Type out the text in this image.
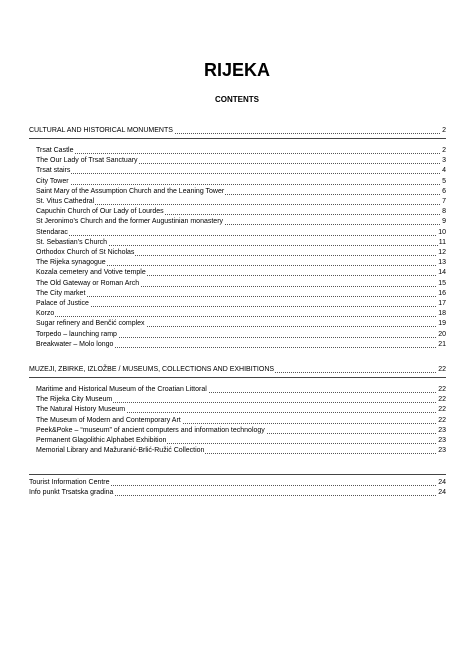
RIJEKA
CONTENTS
CULTURAL AND HISTORICAL MONUMENTS	2
Trsat Castle	2
The Our Lady of Trsat Sanctuary	3
Trsat stairs	4
City Tower	5
Saint Mary of the Assumption Church and the Leaning Tower	6
St. Vitus Cathedral	7
Capuchin Church of Our Lady of Lourdes	8
St Jeronimo’s Church and the former Augustinian monastery	9
Stendarac	10
St. Sebastian’s Church	11
Orthodox Church of St Nicholas	12
The Rijeka synagogue	13
Kozala cemetery and Votive temple	14
The Old Gateway or Roman Arch	15
The City market	16
Palace of Justice	17
Korzo	18
Sugar refinery and Benčić complex	19
Torpedo – launching ramp	20
Breakwater – Molo longo	21
MUZEJI, ZBIRKE, IZLOŽBE / MUSEUMS, COLLECTIONS AND EXHIBITIONS	22
Maritime and Historical Museum of the Croatian Littoral	22
The Rijeka City Museum	22
The Natural History Museum	22
The Museum of Modern and Contemporary Art	22
Peek&Poke – “museum” of ancient computers and information technology	23
Permanent Glagolithic Alphabet Exhibition	23
Memorial Library and Mažuranić-Brlić-Ružić Collection	23
Tourist Information Centre	24
Info punkt Trsatska gradina	24
